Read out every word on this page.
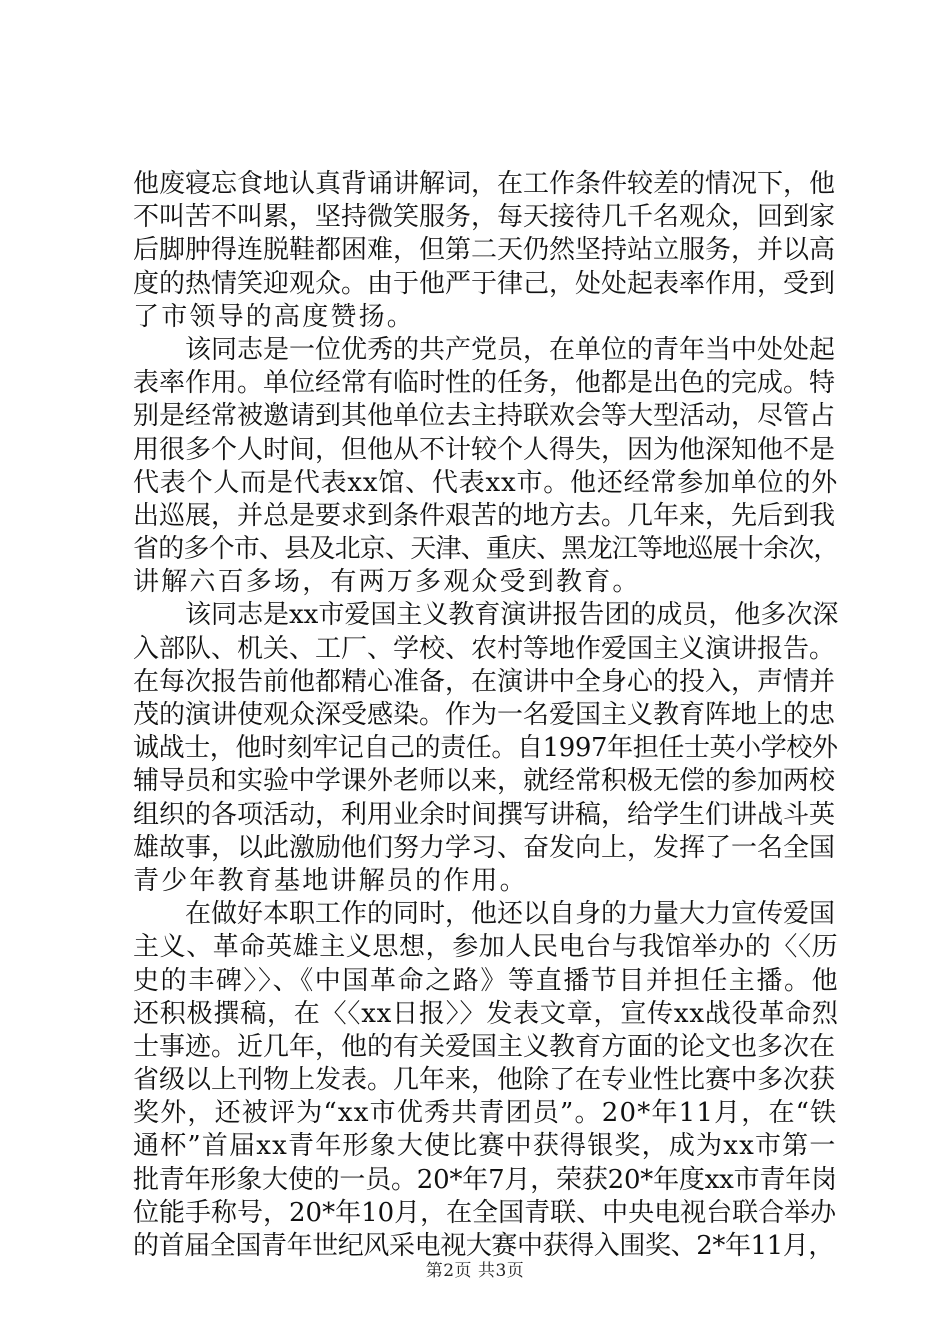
他废寝忘食地认真背诵讲解词，在工作条件较差的情况下，他
不叫苦不叫累，坚持微笑服务，每天接待几千名观众，回到家
后脚肿得连脱鞋都困难，但第二天仍然坚持站立服务，并以高
度的热情笑迎观众。由于他严于律己，处处起表率作用，受到
了市领导的高度赞扬。
　　该同志是一位优秀的共产党员，在单位的青年当中处处起
表率作用。单位经常有临时性的任务，他都是出色的完成。特
别是经常被邀请到其他单位去主持联欢会等大型活动，尽管占
用很多个人时间，但他从不计较个人得失，因为他深知他不是
代表个人而是代表xx馆、代表xx市。他还经常参加单位的外
出巡展，并总是要求到条件艰苦的地方去。几年来，先后到我
省的多个市、县及北京、天津、重庆、黑龙江等地巡展十余次，
讲解六百多场，有两万多观众受到教育。
　　该同志是xx市爱国主义教育演讲报告团的成员，他多次深
入部队、机关、工厂、学校、农村等地作爱国主义演讲报告。
在每次报告前他都精心准备，在演讲中全身心的投入，声情并
茂的演讲使观众深受感染。作为一名爱国主义教育阵地上的忠
诚战士，他时刻牢记自己的责任。自1997年担任士英小学校外
辅导员和实验中学课外老师以来，就经常积极无偿的参加两校
组织的各项活动，利用业余时间撰写讲稿，给学生们讲战斗英
雄故事，以此激励他们努力学习、奋发向上，发挥了一名全国
青少年教育基地讲解员的作用。
　　在做好本职工作的同时，他还以自身的力量大力宣传爱国
主义、革命英雄主义思想，参加人民电台与我馆举办的〈〈历
史的丰碑〉〉、《中国革命之路》等直播节目并担任主播。他
还积极撰稿，在〈〈xx日报〉〉发表文章，宣传xx战役革命烈
士事迹。近几年，他的有关爱国主义教育方面的论文也多次在
省级以上刊物上发表。几年来，他除了在专业性比赛中多次获
奖外，还被评为“xx市优秀共青团员”。20*年11月，在“铁
通杯”首届xx青年形象大使比赛中获得银奖，成为xx市第一
批青年形象大使的一员。20*年7月，荣获20*年度xx市青年岗
位能手称号，20*年10月，在全国青联、中央电视台联合举办
的首届全国青年世纪风采电视大赛中获得入围奖、2*年11月，
第2页 共3页
